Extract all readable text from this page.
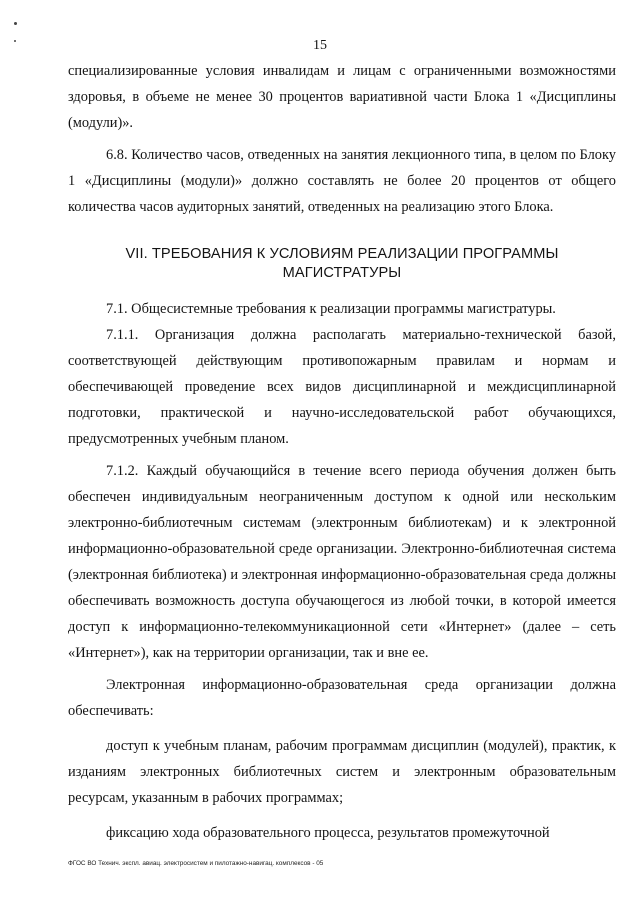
15

специализированные условия инвалидам и лицам с ограниченными возможностями здоровья, в объеме не менее 30 процентов вариативной части Блока 1 «Дисциплины (модули)».

6.8. Количество часов, отведенных на занятия лекционного типа, в целом по Блоку 1 «Дисциплины (модули)» должно составлять не более 20 процентов от общего количества часов аудиторных занятий, отведенных на реализацию этого Блока.

VII. ТРЕБОВАНИЯ К УСЛОВИЯМ РЕАЛИЗАЦИИ ПРОГРАММЫ
МАГИСТРАТУРЫ

7.1. Общесистемные требования к реализации программы магистратуры.

7.1.1. Организация должна располагать материально-технической базой, соответствующей действующим противопожарным правилам и нормам и обеспечивающей проведение всех видов дисциплинарной и междисциплинарной подготовки, практической и научно-исследовательской работ обучающихся, предусмотренных учебным планом.

7.1.2. Каждый обучающийся в течение всего периода обучения должен быть обеспечен индивидуальным неограниченным доступом к одной или нескольким электронно-библиотечным системам (электронным библиотекам) и к электронной информационно-образовательной среде организации. Электронно-библиотечная система (электронная библиотека) и электронная информационно-образовательная среда должны обеспечивать возможность доступа обучающегося из любой точки, в которой имеется доступ к информационно-телекоммуникационной сети «Интернет» (далее – сеть «Интернет»), как на территории организации, так и вне ее.

Электронная информационно-образовательная среда организации должна обеспечивать:

доступ к учебным планам, рабочим программам дисциплин (модулей), практик, к изданиям электронных библиотечных систем и электронным образовательным ресурсам, указанным в рабочих программах;

фиксацию хода образовательного процесса, результатов промежуточной

ФГОС ВО Технич. экспл. авиац. электросистем и пилотажно-навигац. комплексов - 05
